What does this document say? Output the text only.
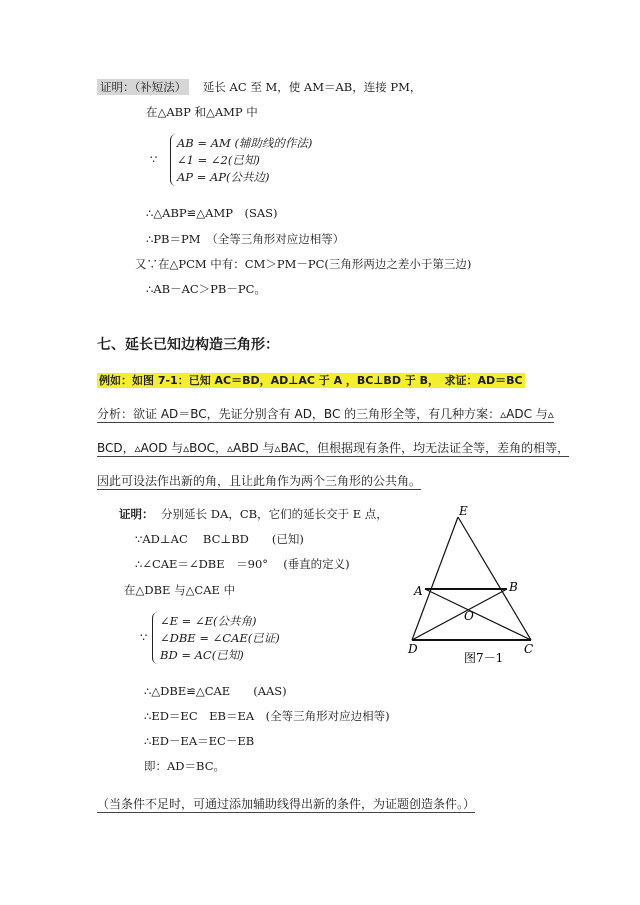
证明：（补短法） 延长 AC 至 M，使 AM＝AB，连接 PM，
在△ABP 和△AMP 中
∵
AB = AM (辅助线的作法)
∠1 = ∠2(已知)
AP = AP(公共边)
∴△ABP≌△AMP　(SAS)
∴PB＝PM　（全等三角形对应边相等）
又∵在△PCM 中有：CM＞PM－PC(三角形两边之差小于第三边)
∴AB－AC＞PB－PC。
七、延长已知边构造三角形：
例如：如图 7-1：已知 AC＝BD，AD⊥AC 于 A ，BC⊥BD 于 B，　求证：AD＝BC
分析：欲证 AD＝BC，先证分别含有 AD，BC 的三角形全等，有几种方案：▵ADC 与▵
BCD，▵AOD 与▵BOC，▵ABD 与▵BAC，但根据现有条件，均无法证全等，差角的相等，
因此可设法作出新的角，且让此角作为两个三角形的公共角。
证明： 分别延长 DA，CB，它们的延长交于 E 点，
∵AD⊥AC　 BC⊥BD　　(已知)
∴∠CAE＝∠DBE　＝90°　 (垂直的定义)
在△DBE 与△CAE 中
∵
∠E = ∠E(公共角)
∠DBE = ∠CAE(已证)
BD = AC(已知)
∴△DBE≌△CAE　　(AAS)
∴ED＝EC　EB＝EA　(全等三角形对应边相等)
∴ED－EA＝EC－EB
即：AD＝BC。
（当条件不足时，可通过添加辅助线得出新的条件，为证题创造条件。）
E
A	B
O
D	C
图7－1
